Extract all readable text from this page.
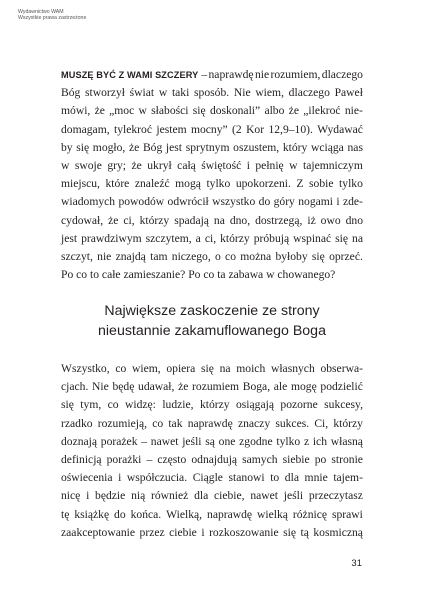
Wydawnictwo WAM
Wszystkie prawa zastrzeżone
MUSZĘ BYĆ Z WAMI SZCZERY – naprawdę nie rozumiem, dlaczego
Bóg stworzył świat w taki sposób. Nie wiem, dlaczego Paweł
mówi, że „moc w słabości się doskonali” albo że „ilekroć nie-
domagam, tylekroć jestem mocny” (2 Kor 12,9–10). Wydawać
by się mogło, że Bóg jest sprytnym oszustem, który wciąga nas
w swoje gry; że ukrył całą świętość i pełnię w tajemniczym
miejscu, które znaleźć mogą tylko upokorzeni. Z sobie tylko
wiadomych powodów odwrócił wszystko do góry nogami i zde-
cydował, że ci, którzy spadają na dno, dostrzegą, iż owo dno
jest prawdziwym szczytem, a ci, którzy próbują wspinać się na
szczyt, nie znajdą tam niczego, o co można byłoby się oprzeć.
Po co to całe zamieszanie? Po co ta zabawa w chowanego?
Największe zaskoczenie ze strony
nieustannie zakamuflowanego Boga
Wszystko, co wiem, opiera się na moich własnych obserwa-
cjach. Nie będę udawał, że rozumiem Boga, ale mogę podzielić
się tym, co widzę: ludzie, którzy osiągają pozorne sukcesy,
rzadko rozumieją, co tak naprawdę znaczy sukces. Ci, którzy
doznają porażek – nawet jeśli są one zgodne tylko z ich własną
definicją porażki – często odnajdują samych siebie po stronie
oświecenia i współczucia. Ciągle stanowi to dla mnie tajem-
nicę i będzie nią również dla ciebie, nawet jeśli przeczytasz
tę książkę do końca. Wielką, naprawdę wielką różnicę sprawi
zaakceptowanie przez ciebie i rozkoszowanie się tą kosmiczną
31
